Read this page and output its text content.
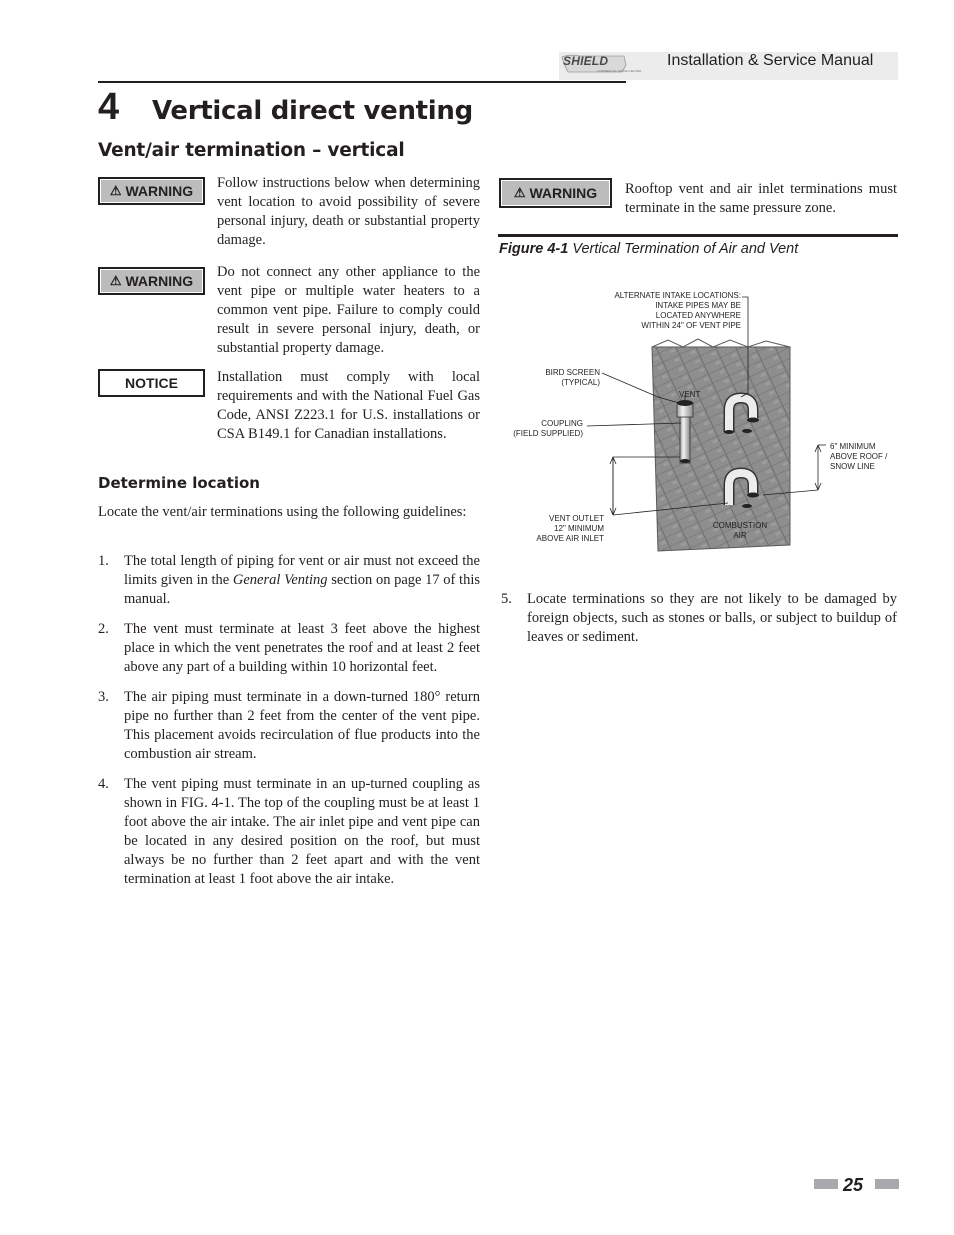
SHIELD
COMMERCIAL WATER HEATER
Installation & Service Manual
4 Vertical direct venting
Vent/air termination – vertical
⚠ WARNING Follow instructions below when determining vent location to avoid possibility of severe personal injury, death or substantial property damage.
⚠ WARNING
Do not connect any other appliance to the vent pipe or multiple water heaters to a common vent pipe. Failure to comply could result in severe personal injury, death, or substantial property damage.
NOTICE	Installation must comply with local requirements and with the National Fuel Gas Code, ANSI Z223.1 for U.S. installations or CSA B149.1 for Canadian installations.
Determine location
Locate the vent/air terminations using the following guidelines:
1. The total length of piping for vent or air must not exceed the limits given in the General Venting section on page 17 of this manual.
2. The vent must terminate at least 3 feet above the highest place in which the vent penetrates the roof and at least 2 feet above any part of a building within 10 horizontal feet.
3. The air piping must terminate in a down-turned 180° return pipe no further than 2 feet from the center of the vent pipe. This placement avoids recirculation of flue products into the combustion air stream.
4. The vent piping must terminate in an up-turned coupling as shown in FIG. 4-1. The top of the coupling must be at least 1 foot above the air intake. The air inlet pipe and vent pipe can be located in any desired position on the roof, but must always be no further than 2 feet apart and with the vent termination at least 1 foot above the air intake.
⚠ WARNING Rooftop vent and air inlet terminations must terminate in the same pressure zone.
Figure 4-1 Vertical Termination of Air and Vent
ALTERNATE INTAKE LOCATIONS:
INTAKE PIPES MAY BE
LOCATED ANYWHERE
WITHIN 24" OF VENT PIPE
BIRD SCREEN
(TYPICAL)
VENT
COUPLING
(FIELD SUPPLIED)
6" MINIMUM
ABOVE ROOF /
SNOW LINE
VENT OUTLET
12" MINIMUM
ABOVE AIR INLET
COMBUSTION
AIR
5. Locate terminations so they are not likely to be damaged by foreign objects, such as stones or balls, or subject to buildup of leaves or sediment.
25
